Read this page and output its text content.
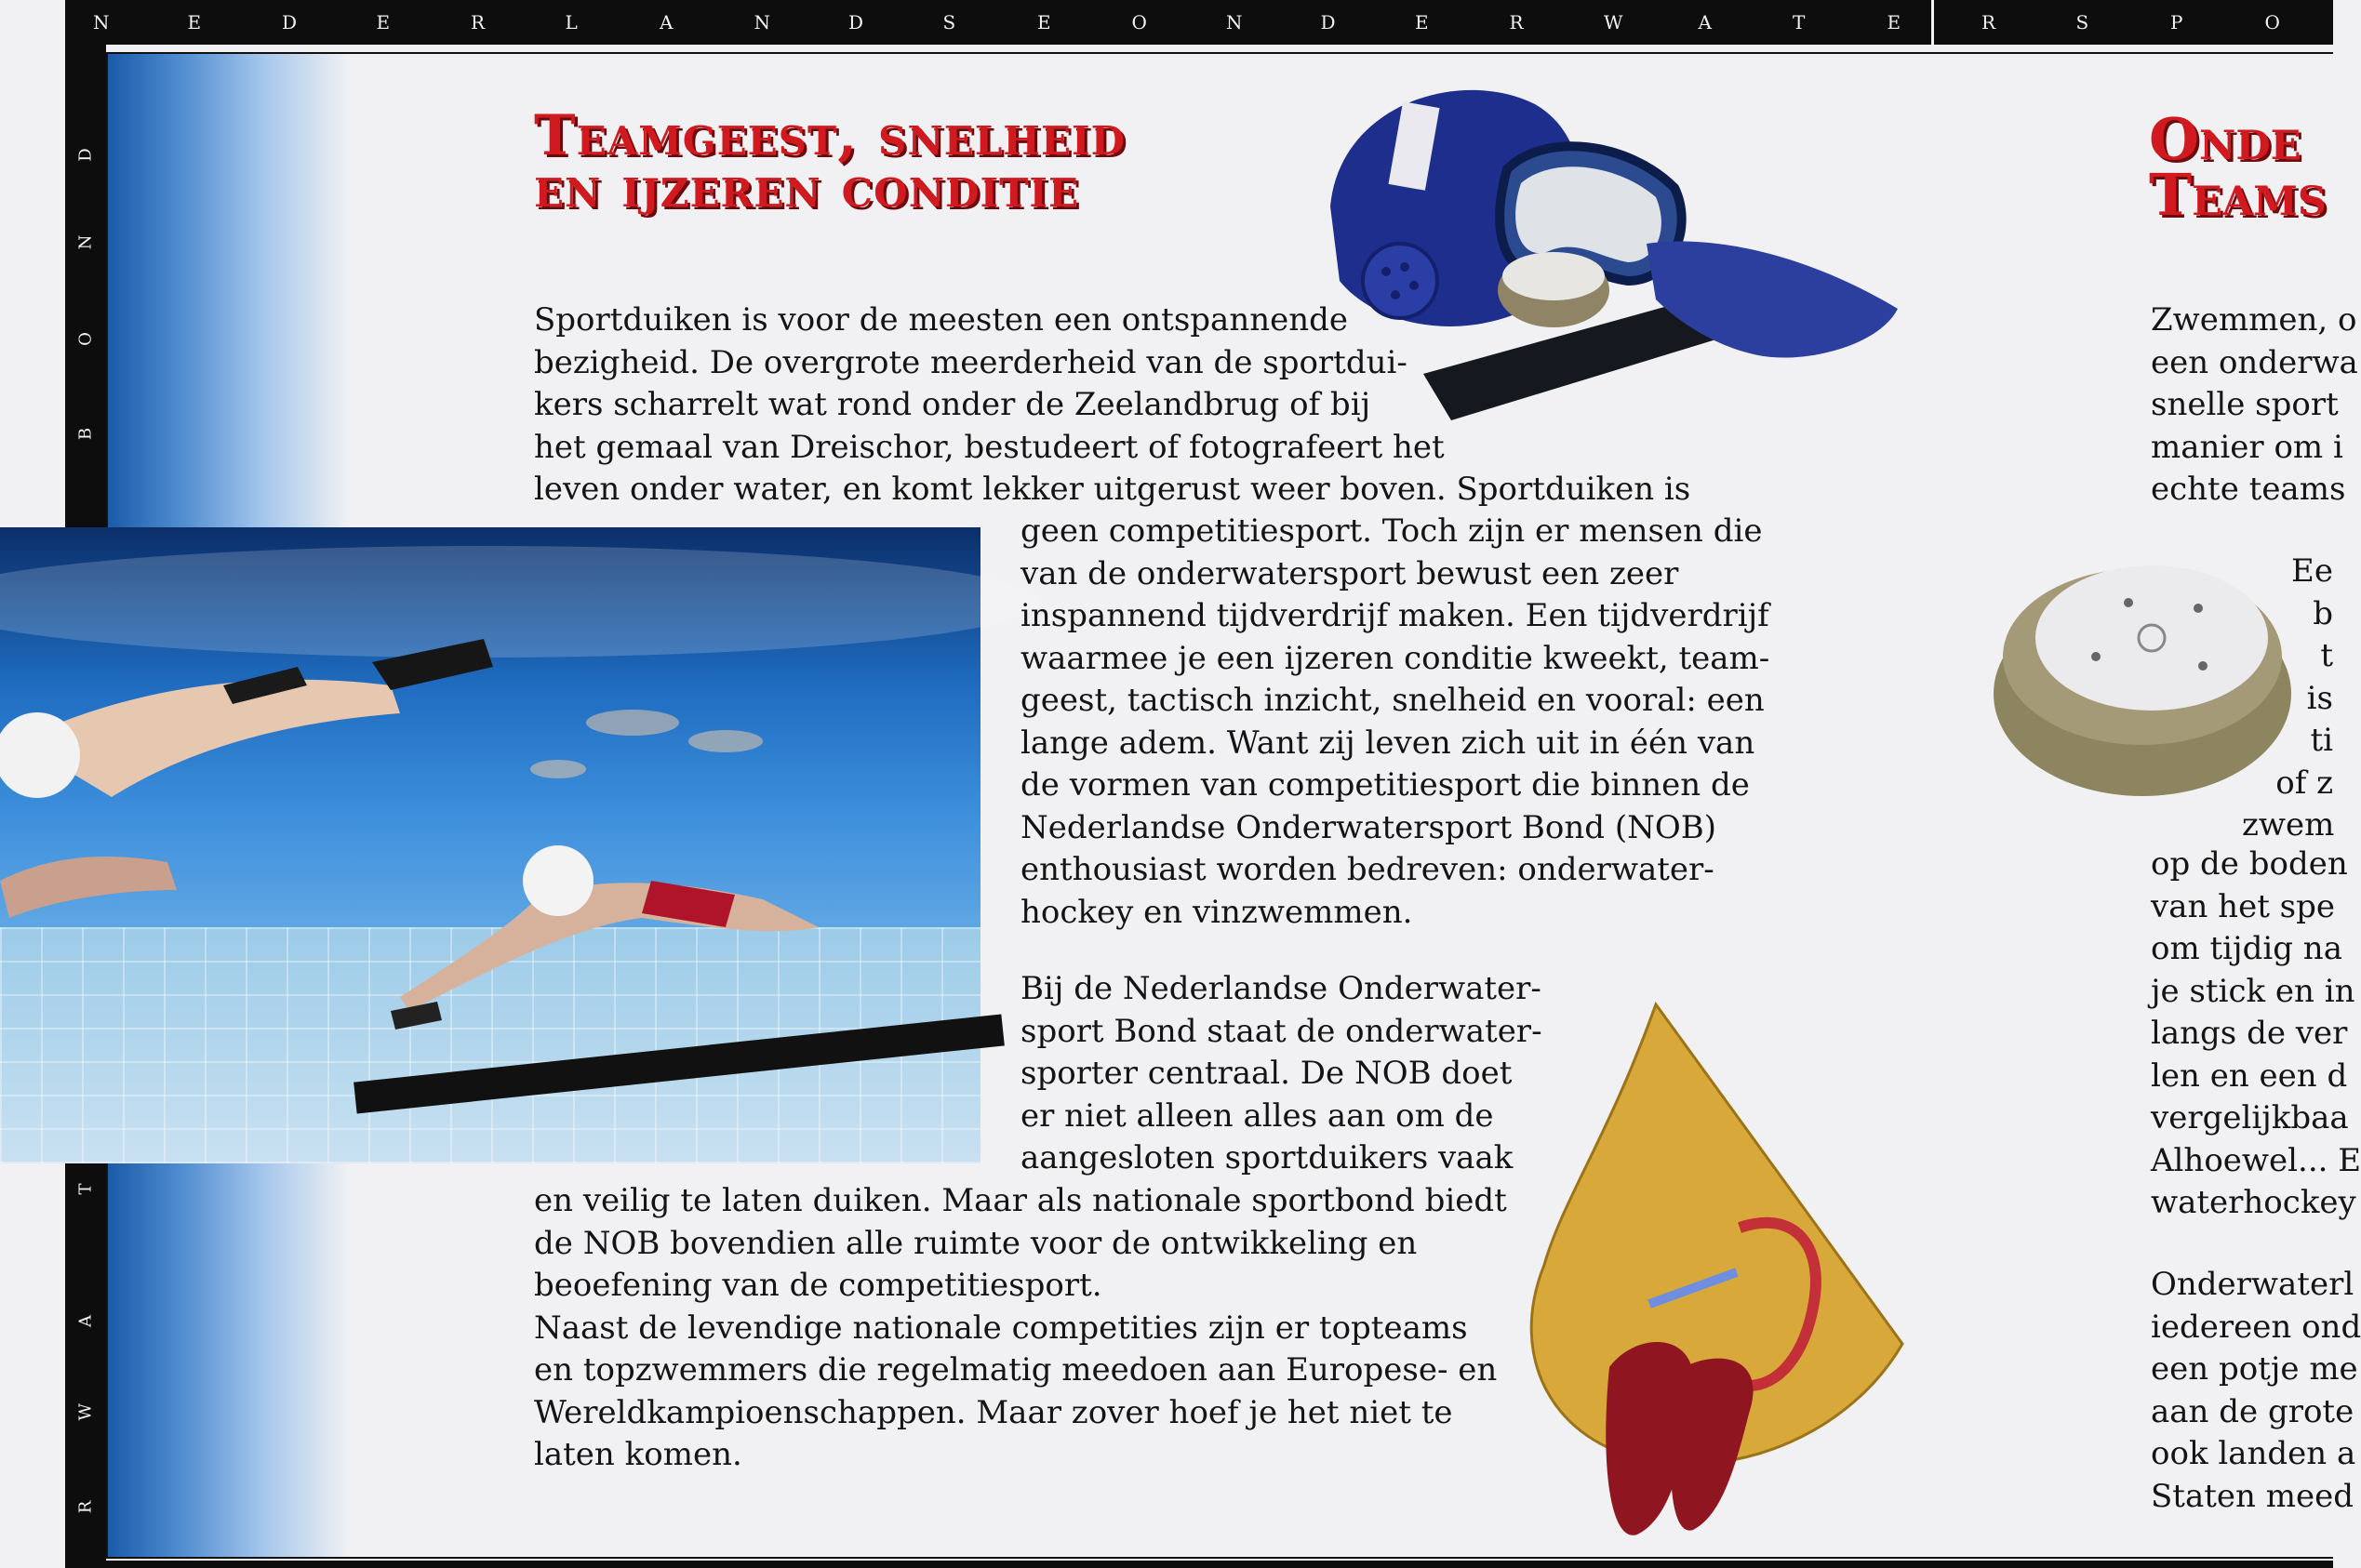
D
N
O
B
T
A
W
R
N	E	D	E	R	L	A	N	D	S	E	O	N	D	E	R	W	A	T	E	R	S	P	O
Teamgeest, snelheid
en ijzeren conditie
Sportduiken is voor de meesten een ontspannende
bezigheid. De overgrote meerderheid van de sportdui-
kers scharrelt wat rond onder de Zeelandbrug of bij
het gemaal van Dreischor, bestudeert of fotografeert het
leven onder water, en komt lekker uitgerust weer boven. Sportduiken is
geen competitiesport. Toch zijn er mensen die
van de onderwatersport bewust een zeer
inspannend tijdverdrijf maken. Een tijdverdrijf
waarmee je een ijzeren conditie kweekt, team-
geest, tactisch inzicht, snelheid en vooral: een
lange adem. Want zij leven zich uit in één van
de vormen van competitiesport die binnen de
Nederlandse Onderwatersport Bond (NOB)
enthousiast worden bedreven: onderwater-
hockey en vinzwemmen.
Bij de Nederlandse Onderwater-
sport Bond staat de onderwater-
sporter centraal. De NOB doet
er niet alleen alles aan om de
aangesloten sportduikers vaak
en veilig te laten duiken. Maar als nationale sportbond biedt
de NOB bovendien alle ruimte voor de ontwikkeling en
beoefening van de competitiesport.
Naast de levendige nationale competities zijn er topteams
en topzwemmers die regelmatig meedoen aan Europese- en
Wereldkampioenschappen. Maar zover hoef je het niet te
laten komen.
Onde
Teams
Zwemmen, o
een onderwa
snelle sport
manier om i
echte teams
Ee
b
t
is
ti
of z
zwem
op de boden
van het spe
om tijdig na
je stick en in
langs de ver
len en een d
vergelijkbaa
Alhoewel... E
waterhockey
Onderwaterl
iedereen ond
een potje me
aan de grote
ook landen a
Staten meed
